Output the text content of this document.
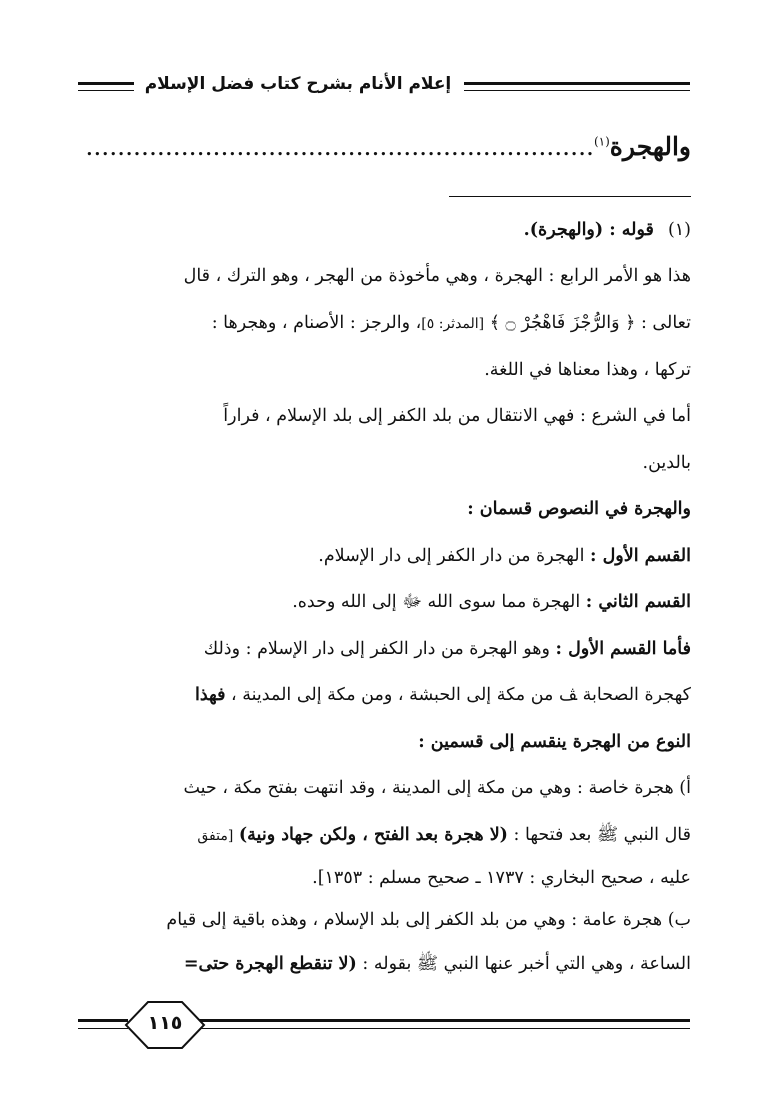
إعلام الأنام بشرح كتاب فضل الإسلام
والهجرة$^{(١)}$................................................................
(١)قوله : (والهجرة).
هذا هو الأمر الرابع : الهجرة ، وهي مأخوذة من الهجر ، وهو الترك ، قال
تعالى : ﴿ وَالرُّجْزَ فَاهْجُرْ ۝ ﴾ [المدثر: ٥]، والرجز : الأصنام ، وهجرها :
تركها ، وهذا معناها في اللغة.
أما في الشرع : فهي الانتقال من بلد الكفر إلى بلد الإسلام ، فراراً
بالدين.
والهجرة في النصوص قسمان :
القسم الأول : الهجرة من دار الكفر إلى دار الإسلام.
القسم الثاني : الهجرة مما سوى الله ﷻ إلى الله وحده.
فأما القسم الأول : وهو الهجرة من دار الكفر إلى دار الإسلام : وذلك
كهجرة الصحابة ﭫ من مكة إلى الحبشة ، ومن مكة إلى المدينة ، فهذا
النوع من الهجرة ينقسم إلى قسمين :
أ) هجرة خاصة : وهي من مكة إلى المدينة ، وقد انتهت بفتح مكة ، حيث
قال النبي ﷺ بعد فتحها : (لا هجرة بعد الفتح ، ولكن جهاد ونية) [متفق
عليه ، صحيح البخاري : ١٧٣٧ ـ صحيح مسلم : ١٣٥٣].
ب) هجرة عامة : وهي من بلد الكفر إلى بلد الإسلام ، وهذه باقية إلى قيام
الساعة ، وهي التي أخبر عنها النبي ﷺ بقوله : (لا تنقطع الهجرة حتى=
١١٥
